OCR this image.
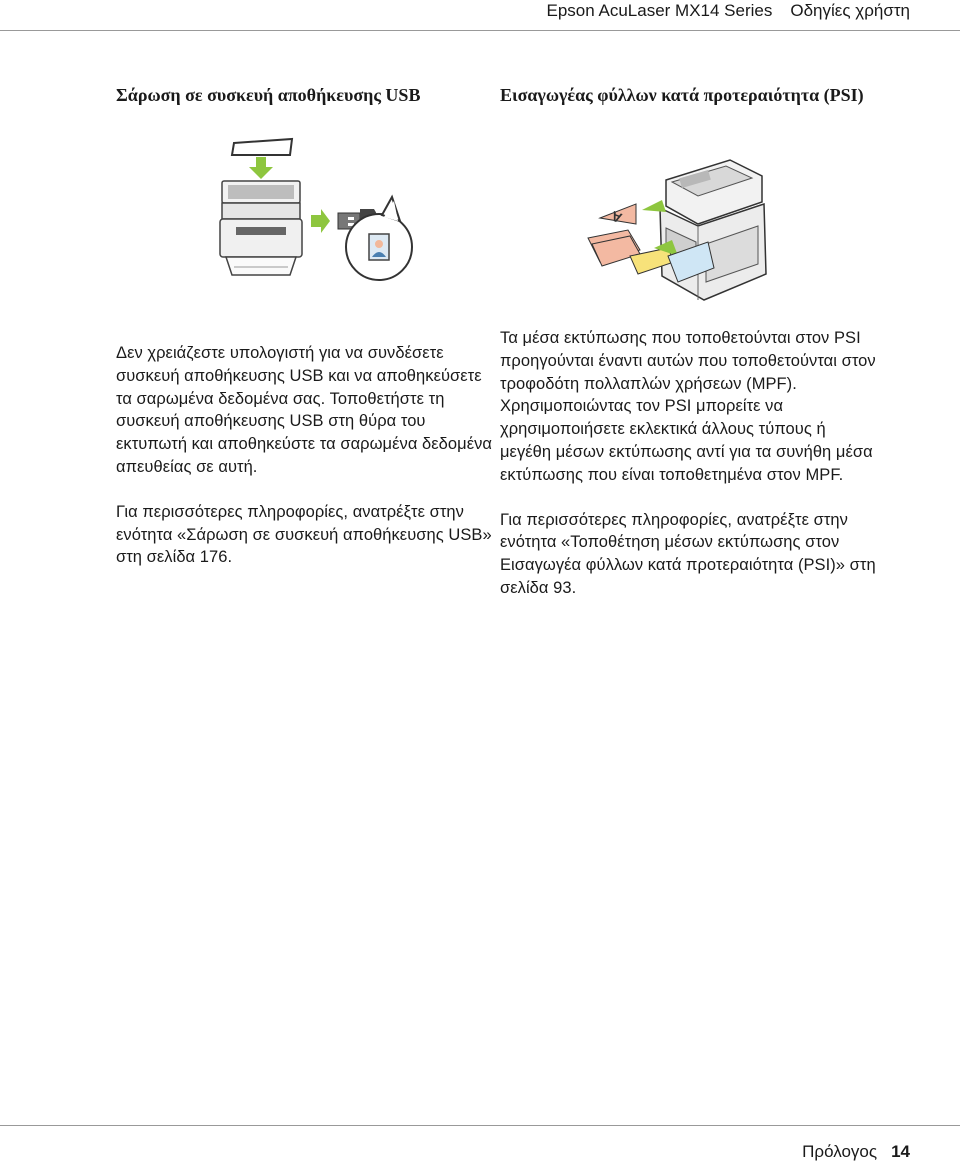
Epson AcuLaser MX14 Series Οδηγίες χρήστη
Σάρωση σε συσκευή αποθήκευσης USB

Δεν χρειάζεστε υπολογιστή για να συνδέσετε συσκευή αποθήκευσης USB και να αποθηκεύσετε τα σαρωμένα δεδομένα σας. Τοποθετήστε τη συσκευή αποθήκευσης USB στη θύρα του εκτυπωτή και αποθηκεύστε τα σαρωμένα δεδομένα απευθείας σε αυτή.

Για περισσότερες πληροφορίες, ανατρέξτε στην ενότητα «Σάρωση σε συσκευή αποθήκευσης USB» στη σελίδα 176.

Εισαγωγέας φύλλων κατά προτεραιότητα (PSI)
A

Τα μέσα εκτύπωσης που τοποθετούνται στον PSI προηγούνται έναντι αυτών που τοποθετούνται στον τροφοδότη πολλαπλών χρήσεων (MPF). Χρησιμοποιώντας τον PSI μπορείτε να χρησιμοποιήσετε εκλεκτικά άλλους τύπους ή μεγέθη μέσων εκτύπωσης αντί για τα συνήθη μέσα εκτύπωσης που είναι τοποθετημένα στον MPF.

Για περισσότερες πληροφορίες, ανατρέξτε στην ενότητα «Τοποθέτηση μέσων εκτύπωσης στον Εισαγωγέα φύλλων κατά προτεραιότητα (PSI)» στη σελίδα 93.

Πρόλογος 14
